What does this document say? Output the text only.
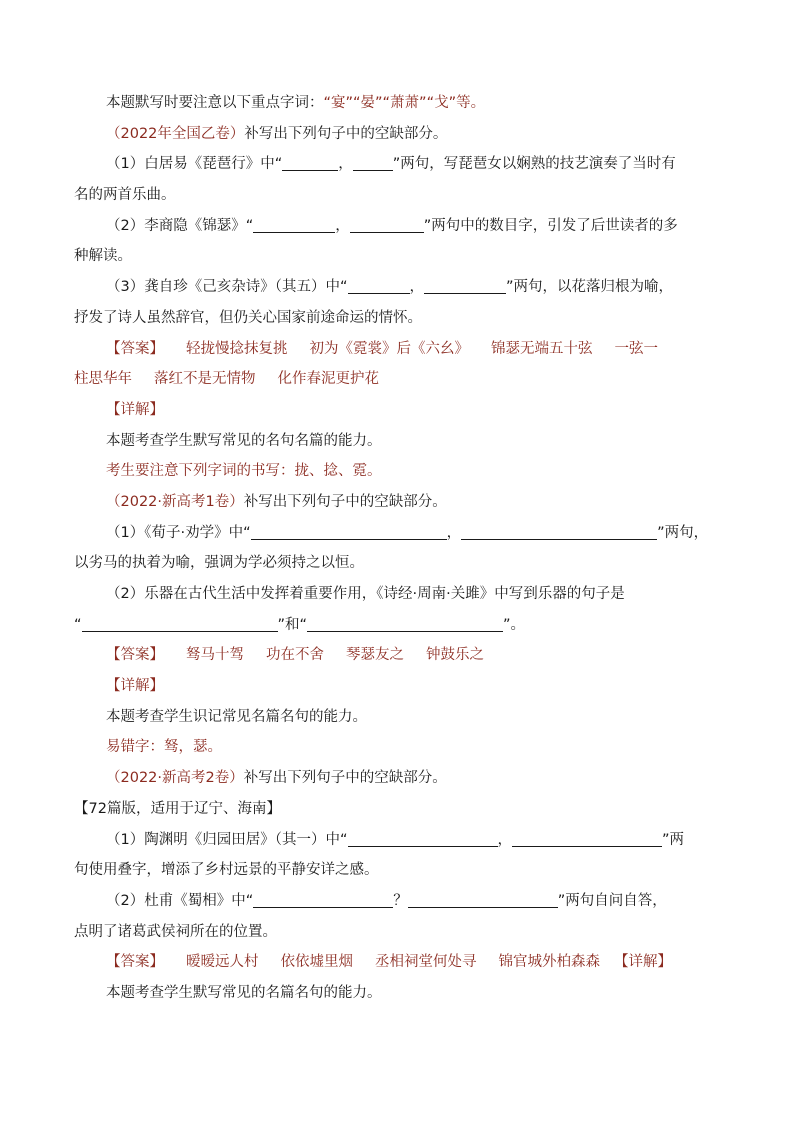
本题默写时要注意以下重点字词：“宴”“晏”“萧萧”“戈”等。
（2022年全国乙卷）补写出下列句子中的空缺部分。
（1）白居易《琵琶行》中“	，	”两句，写琵琶女以娴熟的技艺演奏了当时有
名的两首乐曲。
（2）李商隐《锦瑟》“	，	”两句中的数目字，引发了后世读者的多
种解读。
（3）龚自珍《己亥杂诗》（其五）中“	，	”两句，以花落归根为喻，
抒发了诗人虽然辞官，但仍关心国家前途命运的情怀。
【答案】 轻拢慢捻抹复挑 初为《霓裳》后《六幺》 锦瑟无端五十弦 一弦一
柱思华年 落红不是无情物 化作春泥更护花
【详解】
本题考查学生默写常见的名句名篇的能力。
考生要注意下列字词的书写：拢、捻、霓。
（2022·新高考1卷）补写出下列句子中的空缺部分。
（1）《荀子·劝学》中“	，	”两句，
以劣马的执着为喻，强调为学必须持之以恒。
（2）乐器在古代生活中发挥着重要作用，《诗经·周南·关雎》中写到乐器的句子是
“	”和“	”。
【答案】 驽马十驾 功在不舍 琴瑟友之 钟鼓乐之
【详解】
本题考查学生识记常见名篇名句的能力。
易错字：驽，瑟。
（2022·新高考2卷）补写出下列句子中的空缺部分。
【72篇版，适用于辽宁、海南】
（1）陶渊明《归园田居》（其一）中“	，	”两
句使用叠字，增添了乡村远景的平静安详之感。
（2）杜甫《蜀相》中“	？	”两句自问自答，
点明了诸葛武侯祠所在的位置。
【答案】 暧暧远人村 依依墟里烟 丞相祠堂何处寻 锦官城外柏森森 【详解】
本题考查学生默写常见的名篇名句的能力。
